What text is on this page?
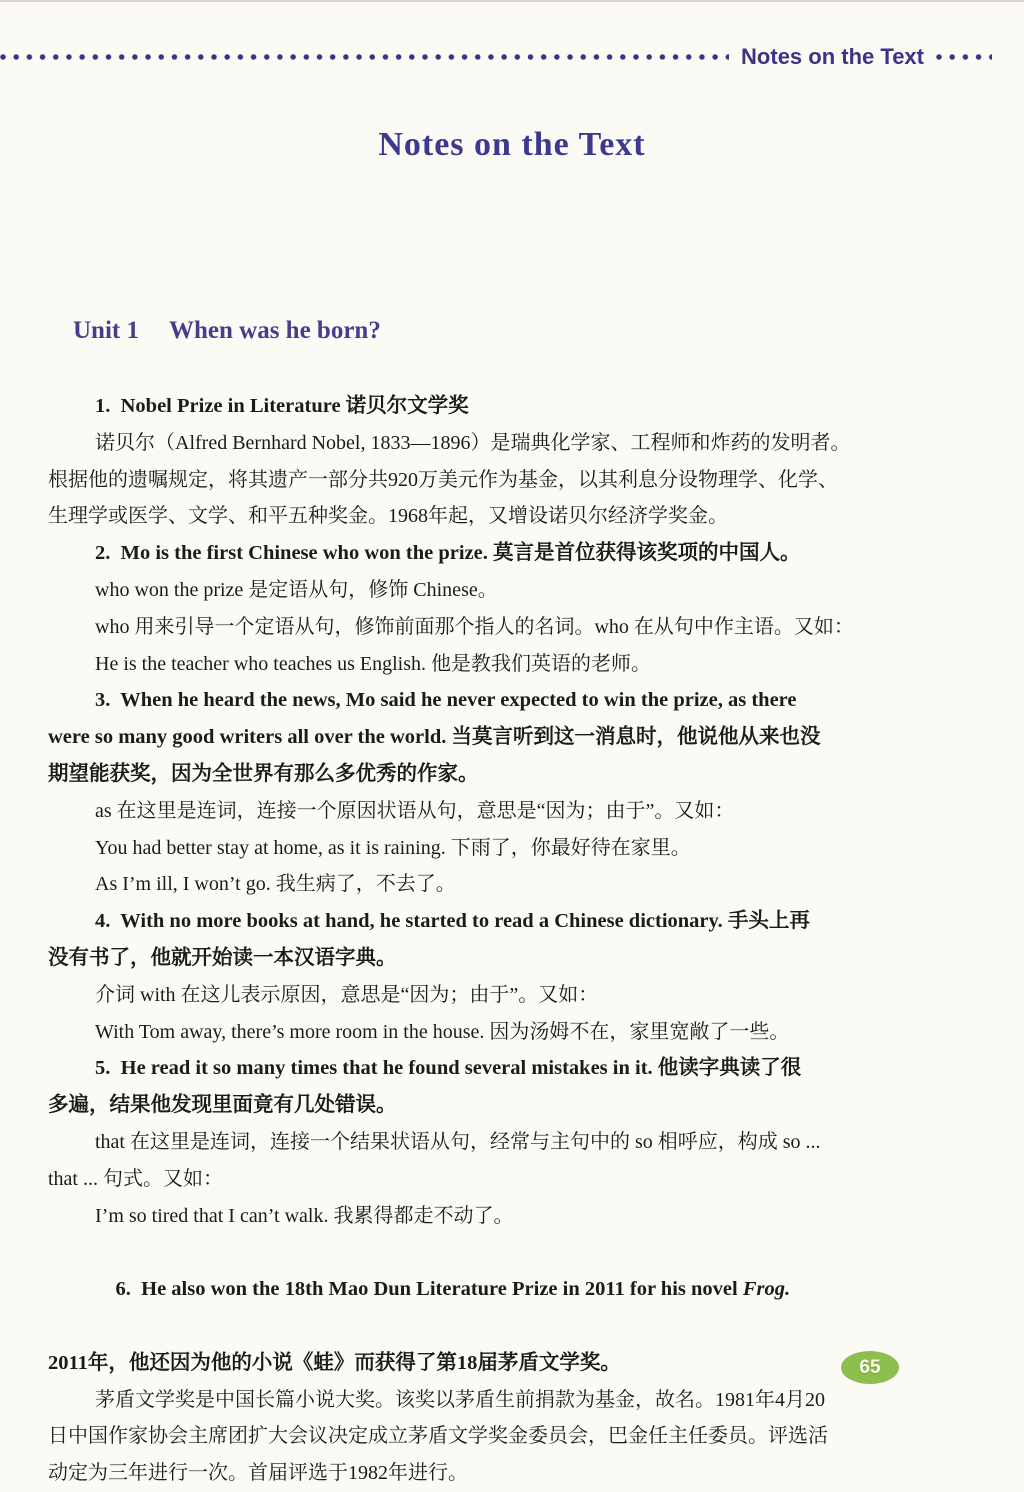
Notes on the Text
Notes on the Text

Unit 1 When was he born?

1.  Nobel Prize in Literature 诺贝尔文学奖
诺贝尔（Alfred Bernhard Nobel, 1833—1896）是瑞典化学家、工程师和炸药的发明者。
根据他的遗嘱规定，将其遗产一部分共920万美元作为基金，以其利息分设物理学、化学、
生理学或医学、文学、和平五种奖金。1968年起，又增设诺贝尔经济学奖金。
2.  Mo is the first Chinese who won the prize. 莫言是首位获得该奖项的中国人。
who won the prize 是定语从句，修饰 Chinese。
who 用来引导一个定语从句，修饰前面那个指人的名词。who 在从句中作主语。又如：
He is the teacher who teaches us English. 他是教我们英语的老师。
3.  When he heard the news, Mo said he never expected to win the prize, as there
were so many good writers all over the world. 当莫言听到这一消息时，他说他从来也没
期望能获奖，因为全世界有那么多优秀的作家。
as 在这里是连词，连接一个原因状语从句，意思是“因为；由于”。又如：
You had better stay at home, as it is raining. 下雨了，你最好待在家里。
As I’m ill, I won’t go. 我生病了，不去了。
4.  With no more books at hand, he started to read a Chinese dictionary. 手头上再
没有书了，他就开始读一本汉语字典。
介词 with 在这儿表示原因，意思是“因为；由于”。又如：
With Tom away, there’s more room in the house. 因为汤姆不在，家里宽敞了一些。
5.  He read it so many times that he found several mistakes in it. 他读字典读了很
多遍，结果他发现里面竟有几处错误。
that 在这里是连词，连接一个结果状语从句，经常与主句中的 so 相呼应，构成 so ...
that ... 句式。又如：
I’m so tired that I can’t walk. 我累得都走不动了。

6.  He also won the 18th Mao Dun Literature Prize in 2011 for his novel Frog.

2011年，他还因为他的小说《蛙》而获得了第18届茅盾文学奖。
茅盾文学奖是中国长篇小说大奖。该奖以茅盾生前捐款为基金，故名。1981年4月20
日中国作家协会主席团扩大会议决定成立茅盾文学奖金委员会，巴金任主任委员。评选活
动定为三年进行一次。首届评选于1982年进行。
65
